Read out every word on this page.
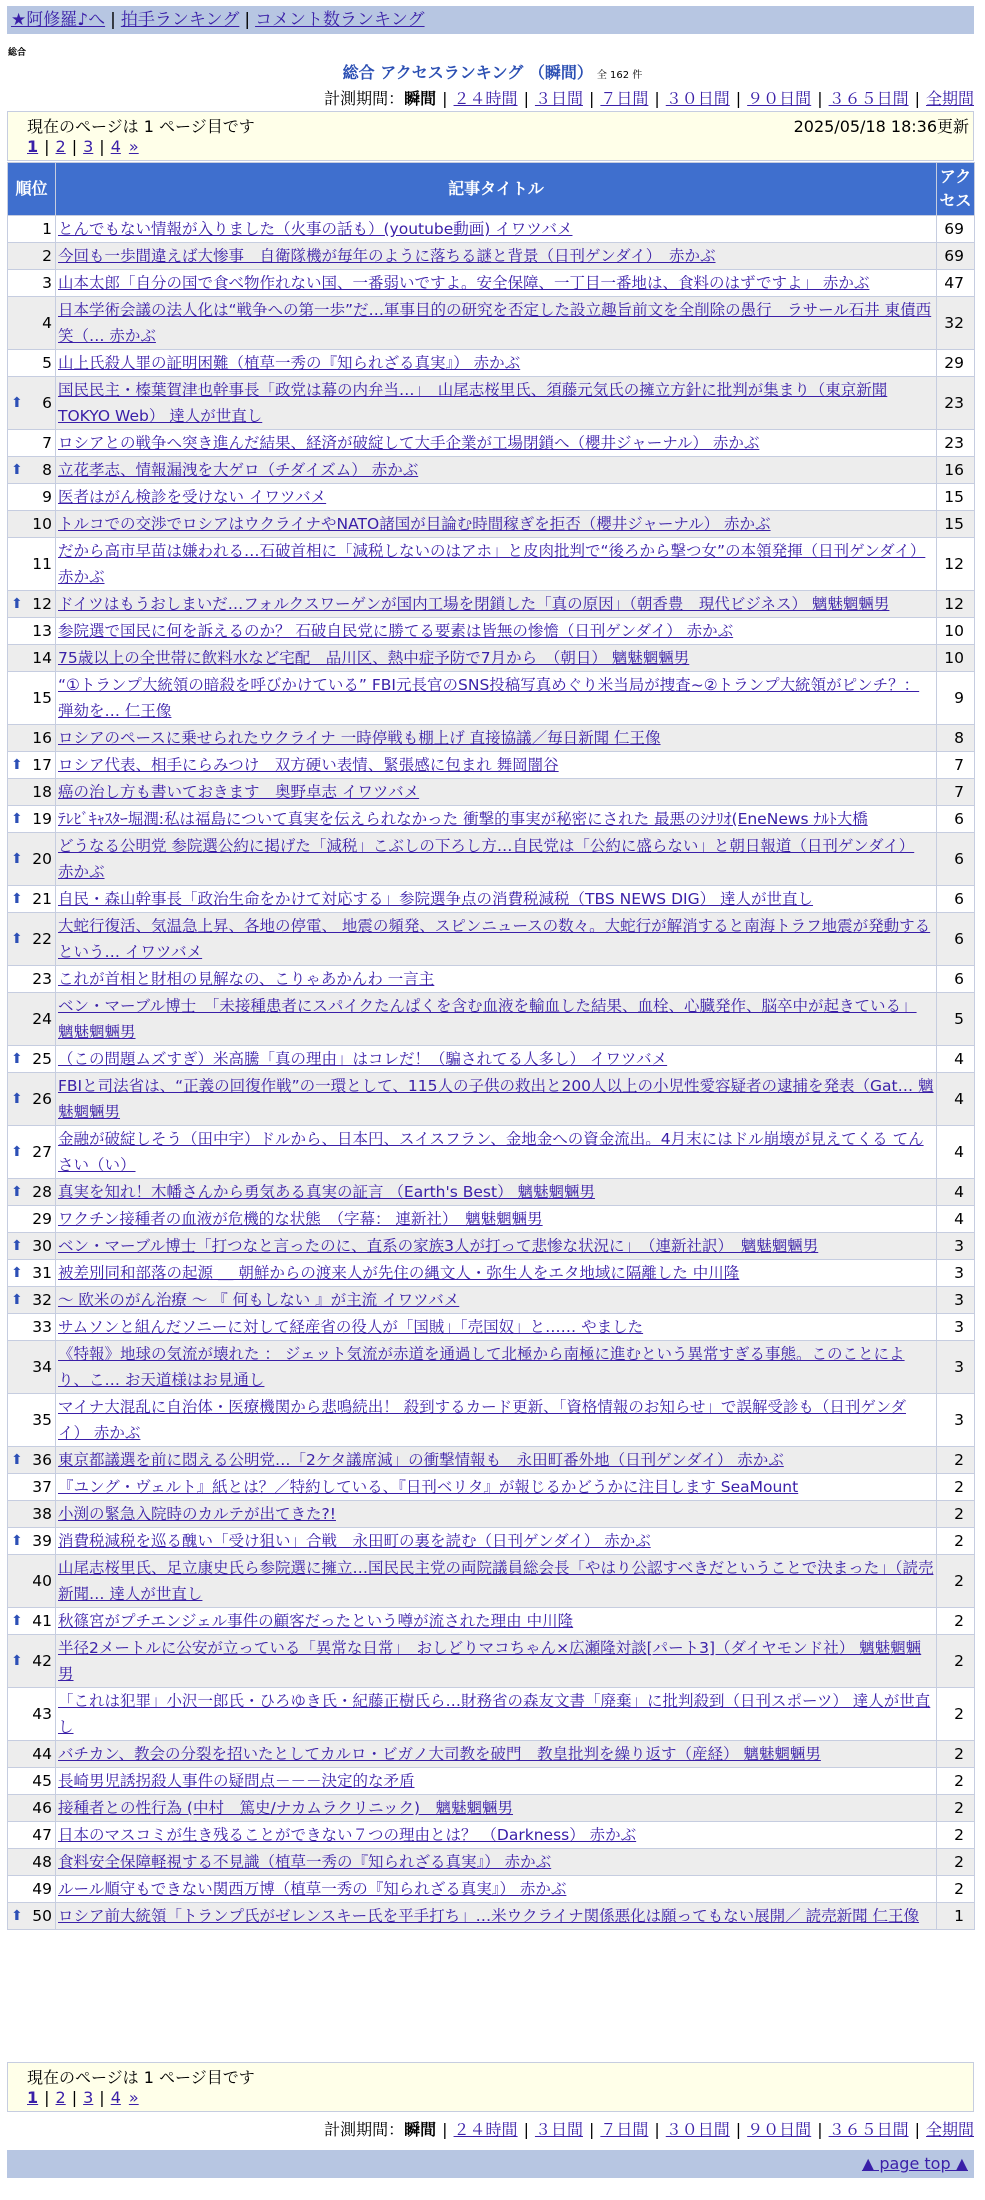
★阿修羅♪へ | 拍手ランキング | コメント数ランキング
総合
総合 アクセスランキング （瞬間） 全 162 件
計測期間：瞬間 | ２４時間 | ３日間 | ７日間 | ３０日間 | ９０日間 | ３６５日間 | 全期間
現在のページは 1 ページ目です	2025/05/18 18:36更新
1 | 2 | 3 | 4 »
順位	記事タイトル	アクセス
1	とんでもない情報が入りました（火事の話も）(youtube動画) イワツバメ	69
2	今回も一歩間違えば大惨事　自衛隊機が毎年のように落ちる謎と背景（日刊ゲンダイ）　赤かぶ	69
3	山本太郎「自分の国で食べ物作れない国、一番弱いですよ。安全保障、一丁目一番地は、食料のはずですよ」 赤かぶ	47
4	日本学術会議の法人化は“戦争への第一歩”だ…軍事目的の研究を否定した設立趣旨前文を全削除の愚行　ラサール石井 東債西笑（… 赤かぶ	32
5	山上氏殺人罪の証明困難（植草一秀の『知られざる真実』） 赤かぶ	29

⬆ 6	国民民主・榛葉賀津也幹事長「政党は幕の内弁当…」　山尾志桜里氏、須藤元気氏の擁立方針に批判が集まり（東京新聞TOKYO Web） 達人が世直し	23
7	ロシアとの戦争へ突き進んだ結果、経済が破綻して大手企業が工場閉鎖へ（櫻井ジャーナル） 赤かぶ	23

⬆ 8	立花孝志、情報漏洩を大ゲロ（チダイズム） 赤かぶ	16
9	医者はがん検診を受けない イワツバメ	15
10	トルコでの交渉でロシアはウクライナやNATO諸国が目論む時間稼ぎを拒否（櫻井ジャーナル） 赤かぶ	15
11	だから高市早苗は嫌われる…石破首相に「減税しないのはアホ」と皮肉批判で“後ろから撃つ女”の本領発揮（日刊ゲンダイ） 赤かぶ	12

⬆ 12	ドイツはもうおしまいだ…フォルクスワーゲンが国内工場を閉鎖した「真の原因」（朝香豊　現代ビジネス） 魑魅魍魎男	12
13	参院選で国民に何を訴えるのか？ 石破自民党に勝てる要素は皆無の惨憺（日刊ゲンダイ） 赤かぶ	10
14	75歳以上の全世帯に飲料水など宅配　品川区、熱中症予防で7月から　（朝日） 魑魅魍魎男	10
15	“①トランプ大統領の暗殺を呼びかけている” FBI元長官のSNS投稿写真めぐり米当局が捜査~②トランプ大統領がピンチ？：弾劾を… 仁王像	9
16	ロシアのペースに乗せられたウクライナ 一時停戦も棚上げ 直接協議／毎日新聞 仁王像	8

⬆ 17	ロシア代表、相手にらみつけ　双方硬い表情、緊張感に包まれ 舞岡闇谷	7
18	癌の治し方も書いておきます　奥野卓志 イワツバメ	7

⬆ 19	ﾃﾚﾋﾞｷｬｽﾀｰ堀潤:私は福島について真実を伝えられなかった 衝撃的事実が秘密にされた 最悪のｼﾅﾘｵ(EneNews ﾅﾙﾄ大橋	6

⬆ 20	どうなる公明党 参院選公約に掲げた「減税」こぶしの下ろし方…自民党は「公約に盛らない」と朝日報道（日刊ゲンダイ） 赤かぶ	6

⬆ 21	自民・森山幹事長「政治生命をかけて対応する」参院選争点の消費税減税（TBS NEWS DIG） 達人が世直し	6

⬆ 22	大蛇行復活、気温急上昇、各地の停電、 地震の頻発、スピンニュースの数々。大蛇行が解消すると南海トラフ地震が発動するという… イワツバメ	6
23	これが首相と財相の見解なの、こりゃあかんわ 一言主	6
24	ベン・マーブル博士　「未接種患者にスパイクたんぱくを含む血液を輸血した結果、血栓、心臓発作、脳卒中が起きている」 魑魅魍魎男	5

⬆ 25	（この問題ムズすぎ）米高騰「真の理由」はコレだ！（騙されてる人多し） イワツバメ	4

⬆ 26	FBIと司法省は、“正義の回復作戦”の一環として、115人の子供の救出と200人以上の小児性愛容疑者の逮捕を発表（Gat… 魑魅魍魎男	4

⬆ 27	金融が破綻しそう（田中宇）ドルから、日本円、スイスフラン、金地金への資金流出。4月末にはドル崩壊が見えてくる てんさい（い）	4

⬆ 28	真実を知れ！木幡さんから勇気ある真実の証言 （Earth's Best） 魑魅魍魎男	4
29	ワクチン接種者の血液が危機的な状態　（字幕： 連新社）　魑魅魍魎男	4

⬆ 30	ベン・マーブル博士「打つなと言ったのに、直系の家族3人が打って悲惨な状況に」　（連新社訳）　魑魅魍魎男	3

⬆ 31	被差別同和部落の起源 ＿ 朝鮮からの渡来人が先住の縄文人・弥生人をエタ地域に隔離した 中川隆	3

⬆ 32	～ 欧米のがん治療 ～ 『 何もしない 』が主流 イワツバメ	3
33	サムソンと組んだソニーに対して経産省の役人が「国賊」「売国奴」と…… やました	3
34	《特報》地球の気流が壊れた ： ジェット気流が赤道を通過して北極から南極に進むという異常すぎる事態。このことにより、こ… お天道様はお見通し	3
35	マイナ大混乱に自治体・医療機関から悲鳴続出！ 殺到するカード更新、「資格情報のお知らせ」で誤解受診も（日刊ゲンダイ） 赤かぶ	3

⬆ 36	東京都議選を前に悶える公明党…「2ケタ議席減」の衝撃情報も　永田町番外地（日刊ゲンダイ） 赤かぶ	2
37	『ユング・ヴェルト』紙とは？／特約している、『日刊ベリタ』が報じるかどうかに注目します SeaMount	2
38	小渕の緊急入院時のカルテが出てきた?!	2

⬆ 39	消費税減税を巡る醜い「受け狙い」合戦　永田町の裏を読む（日刊ゲンダイ） 赤かぶ	2
40	山尾志桜里氏、足立康史氏ら参院選に擁立…国民民主党の両院議員総会長「やはり公認すべきだということで決まった」（読売新聞… 達人が世直し	2

⬆ 41	秋篠宮がプチエンジェル事件の顧客だったという噂が流された理由 中川隆	2

⬆ 42	半径2メートルに公安が立っている「異常な日常」　おしどりマコちゃん×広瀬隆対談[パート3]（ダイヤモンド社） 魑魅魍魎男	2
43	「これは犯罪」小沢一郎氏・ひろゆき氏・紀藤正樹氏ら…財務省の森友文書「廃棄」に批判殺到（日刊スポーツ） 達人が世直し	2
44	バチカン、教会の分裂を招いたとしてカルロ・ビガノ大司教を破門　教皇批判を繰り返す（産経） 魑魅魍魎男	2
45	長崎男児誘拐殺人事件の疑問点－－－決定的な矛盾	2
46	接種者との性行為 (中村　篤史/ナカムラクリニック)　魑魅魍魎男	2
47	日本のマスコミが生き残ることができない７つの理由とは？ （Darkness） 赤かぶ	2
48	食料安全保障軽視する不見識（植草一秀の『知られざる真実』） 赤かぶ	2
49	ルール順守もできない関西万博（植草一秀の『知られざる真実』） 赤かぶ	2

⬆ 50	ロシア前大統領「トランプ氏がゼレンスキー氏を平手打ち」…米ウクライナ関係悪化は願ってもない展開／ 読売新聞 仁王像	1
現在のページは 1 ページ目です
1 | 2 | 3 | 4 »
計測期間：瞬間 | ２４時間 | ３日間 | ７日間 | ３０日間 | ９０日間 | ３６５日間 | 全期間
▲ page top ▲
